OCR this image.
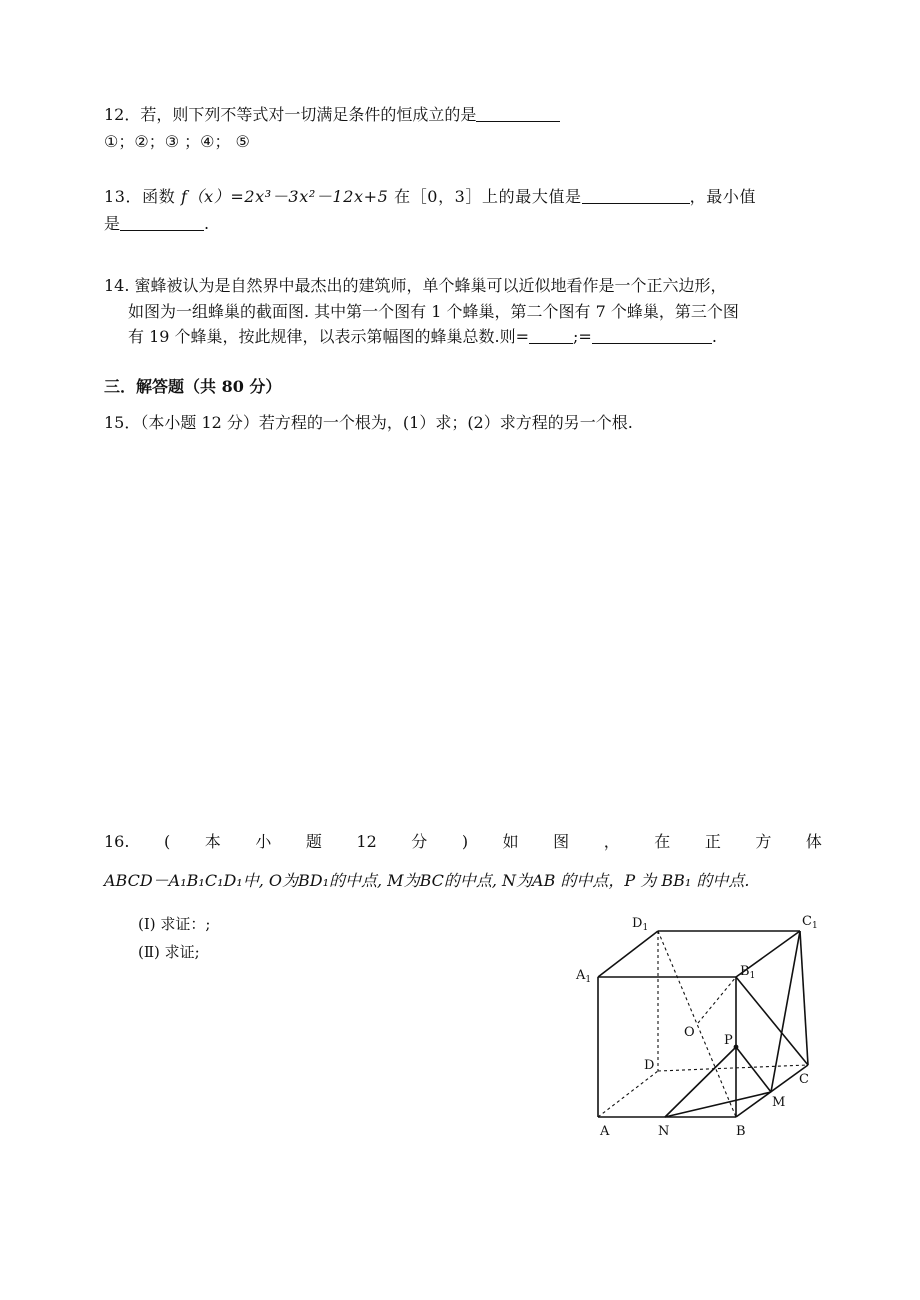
12．若，则下列不等式对一切满足条件的恒成立的是
①；②；③ ；④； ⑤
13．函数 f（x）=2x³－3x²－12x+5 在［0，3］上的最大值是	，最小值
是	.
14. 蜜蜂被认为是自然界中最杰出的建筑师，单个蜂巢可以近似地看作是一个正六边形，
如图为一组蜂巢的截面图. 其中第一个图有 1 个蜂巢，第二个图有 7 个蜂巢，第三个图
有 19 个蜂巢，按此规律，以表示第幅图的蜂巢总数.则=	;=	.
三．解答题（共 80 分）
15．（本小题 12 分）若方程的一个根为，(1）求；(2）求方程的另一个根.
16. ( 本 小 题 12 分 ) 如 图 ， 在 正 方 体
ABCD－A₁B₁C₁D₁中, O为BD₁的中点, M为BC的中点, N为AB 的中点，P 为 BB₁ 的中点.
(Ⅰ) 求证：;
(Ⅱ) 求证;
$D_1$	$C_1$
$A_1$
$B_1$
O
P
D
C
M
A	N	B
